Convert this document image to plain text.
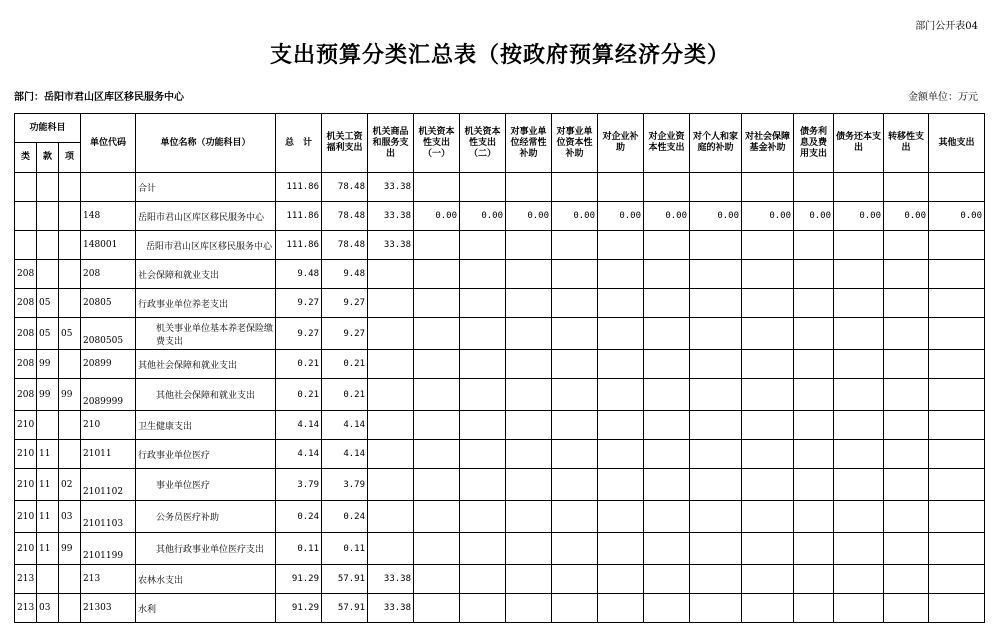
部门公开表04
支出预算分类汇总表（按政府预算经济分类）
部门：岳阳市君山区库区移民服务中心	金额单位：万元
功能科目			单位代码	单位名称（功能科目）	总　计	机关工资福利支出	机关商品和服务支出	机关资本性支出（一）	机关资本性支出（二）	对事业单位经常性补助	对事业单位资本性补助	对企业补助	对企业资本性支出	对个人和家庭的补助	对社会保障基金补助	债务利息及费用支出	债务还本支出	转移性支出	其他支出
类	款	项																	
				合计	111.86	78.48	33.38												
			148	岳阳市君山区库区移民服务中心	111.86	78.48	33.38	0.00	0.00	0.00	0.00	0.00	0.00	0.00	0.00	0.00	0.00	0.00	0.00
			148001	岳阳市君山区库区移民服务中心	111.86	78.48	33.38												
208			208	社会保障和就业支出	9.48	9.48													
208	05		20805	行政事业单位养老支出	9.27	9.27													
208	05	05	2080505	机关事业单位基本养老保险缴费支出	9.27	9.27													
208	99		20899	其他社会保障和就业支出	0.21	0.21													
208	99	99	2089999	其他社会保障和就业支出	0.21	0.21													
210			210	卫生健康支出	4.14	4.14													
210	11		21011	行政事业单位医疗	4.14	4.14													
210	11	02	2101102	事业单位医疗	3.79	3.79													
210	11	03	2101103	公务员医疗补助	0.24	0.24													
210	11	99	2101199	其他行政事业单位医疗支出	0.11	0.11													
213			213	农林水支出	91.29	57.91	33.38												
213	03		21303	水利	91.29	57.91	33.38												
